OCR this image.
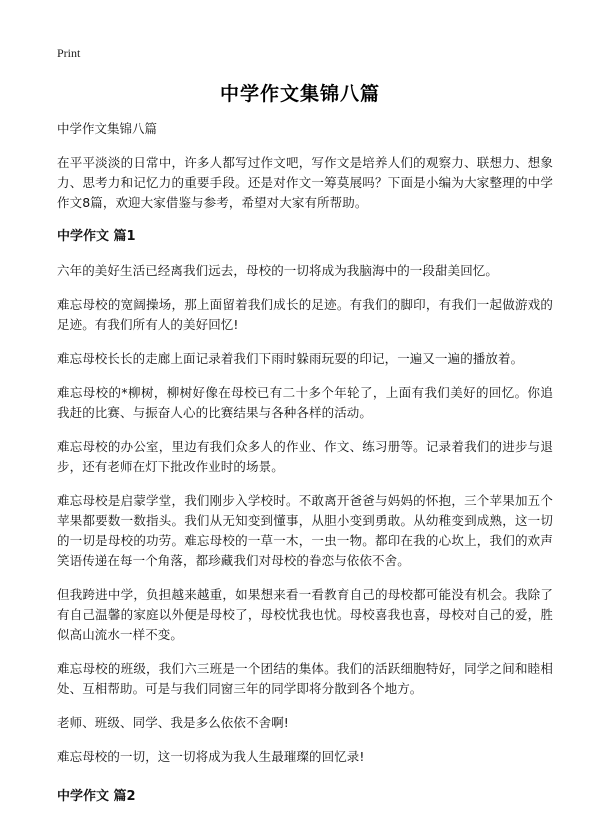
Print
中学作文集锦八篇
中学作文集锦八篇

在平平淡淡的日常中，许多人都写过作文吧，写作文是培养人们的观察力、联想力、想象力、思考力和记忆力的重要手段。还是对作文一筹莫展吗？下面是小编为大家整理的中学作文8篇，欢迎大家借鉴与参考，希望对大家有所帮助。

中学作文 篇1

六年的美好生活已经离我们远去，母校的一切将成为我脑海中的一段甜美回忆。

难忘母校的宽阔操场，那上面留着我们成长的足迹。有我们的脚印，有我们一起做游戏的足迹。有我们所有人的美好回忆!

难忘母校长长的走廊上面记录着我们下雨时躲雨玩耍的印记，一遍又一遍的播放着。

难忘母校的*柳树，柳树好像在母校已有二十多个年轮了，上面有我们美好的回忆。你追我赶的比赛、与振奋人心的比赛结果与各种各样的活动。

难忘母校的办公室，里边有我们众多人的作业、作文、练习册等。记录着我们的进步与退步，还有老师在灯下批改作业时的场景。

难忘母校是启蒙学堂，我们刚步入学校时。不敢离开爸爸与妈妈的怀抱，三个苹果加五个苹果都要数一数指头。我们从无知变到懂事，从胆小变到勇敢。从幼稚变到成熟，这一切的一切是母校的功劳。难忘母校的一草一木，一虫一物。都印在我的心坎上，我们的欢声笑语传递在每一个角落，都珍藏我们对母校的眷恋与依依不舍。

但我跨进中学，负担越来越重，如果想来看一看教育自己的母校都可能没有机会。我除了有自己温馨的家庭以外便是母校了，母校忧我也忧。母校喜我也喜，母校对自己的爱，胜似高山流水一样不变。

难忘母校的班级，我们六三班是一个团结的集体。我们的活跃细胞特好，同学之间和睦相处、互相帮助。可是与我们同窗三年的同学即将分散到各个地方。

老师、班级、同学、我是多么依依不舍啊!

难忘母校的一切，这一切将成为我人生最璀璨的回忆录!

中学作文 篇2
